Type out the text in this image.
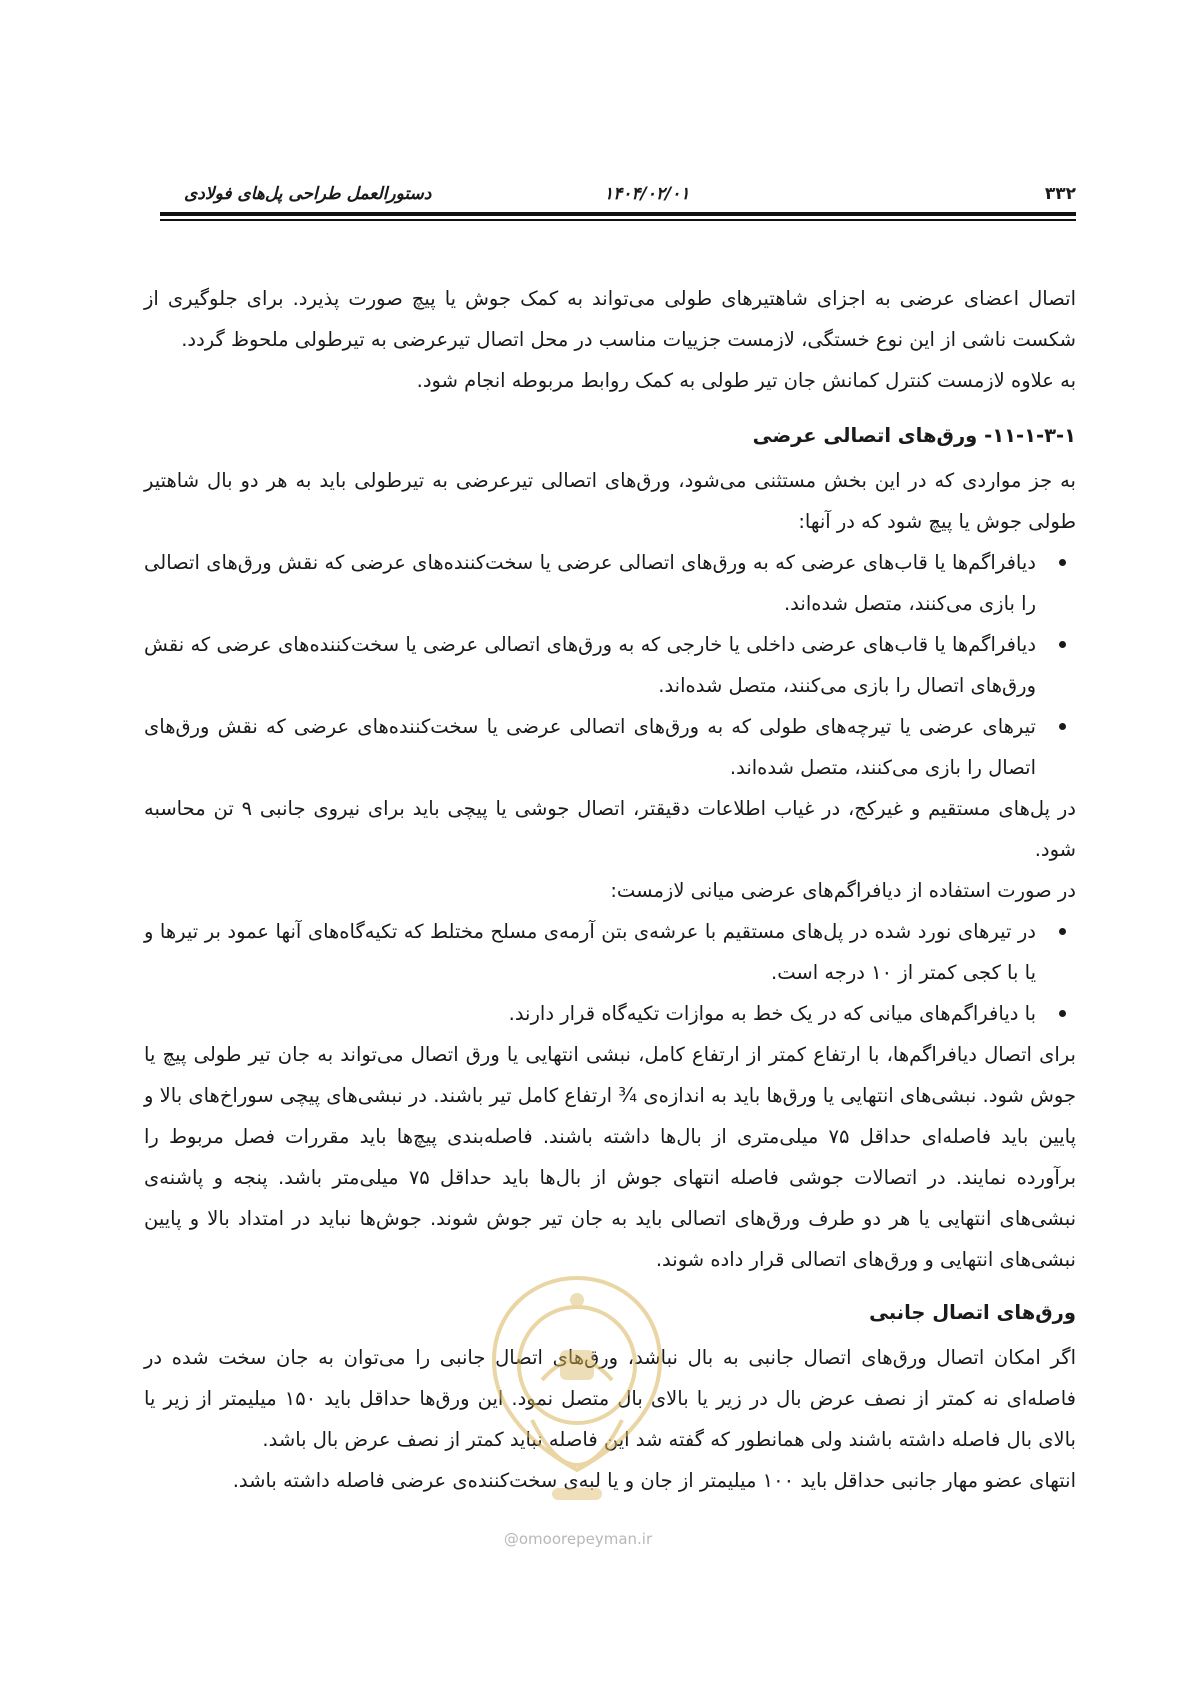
۳۳۲
۱۴۰۴/۰۲/۰۱
دستورالعمل طراحی پل‌های فولادی

اتصال اعضای عرضی به اجزای شاهتیرهای طولی می‌تواند به کمک جوش یا پیچ صورت پذیرد. برای جلوگیری از شکست ناشی از این نوع خستگی، لازمست جزییات مناسب در محل اتصال تیرعرضی به تیرطولی ملحوظ گردد.

به علاوه لازمست کنترل کمانش جان تیر طولی به کمک روابط مربوطه انجام شود.

۱۱-۱-۳-۱- ورق‌های اتصالی عرضی

به جز مواردی که در این بخش مستثنی می‌شود، ورق‌های اتصالی تیرعرضی به تیرطولی باید به هر دو بال شاهتیر طولی جوش یا پیچ شود که در آنها:

دیافراگم‌ها یا قاب‌های عرضی که به ورق‌های اتصالی عرضی یا سخت‌کننده‌های عرضی که نقش ورق‌های اتصالی را بازی می‌کنند، متصل شده‌اند.
دیافراگم‌ها یا قاب‌های عرضی داخلی یا خارجی که به ورق‌های اتصالی عرضی یا سخت‌کننده‌های عرضی که نقش ورق‌های اتصال را بازی می‌کنند، متصل شده‌اند.
تیرهای عرضی یا تیرچه‌های طولی که به ورق‌های اتصالی عرضی یا سخت‌کننده‌های عرضی که نقش ورق‌های اتصال را بازی می‌کنند، متصل شده‌اند.

در پل‌های مستقیم و غیرکج، در غیاب اطلاعات دقیقتر، اتصال جوشی یا پیچی باید برای نیروی جانبی ۹ تن محاسبه شود.

در صورت استفاده از دیافراگم‌های عرضی میانی لازمست:

در تیرهای نورد شده در پل‌های مستقیم با عرشه‌ی بتن آرمه‌ی مسلح مختلط که تکیه‌گاه‌های آنها عمود بر تیرها و یا با کجی کمتر از ۱۰ درجه است.
با دیافراگم‌های میانی که در یک خط به موازات تکیه‌گاه قرار دارند.

برای اتصال دیافراگم‌ها، با ارتفاع کمتر از ارتفاع کامل، نبشی انتهایی یا ورق اتصال می‌تواند به جان تیر طولی پیچ یا جوش شود. نبشی‌های انتهایی یا ورق‌ها باید به اندازه‌ی ¾ ارتفاع کامل تیر باشند. در نبشی‌های پیچی سوراخ‌های بالا و پایین باید فاصله‌ای حداقل ۷۵ میلی‌متری از بال‌ها داشته باشند. فاصله‌بندی پیچ‌ها باید مقررات فصل مربوط را برآورده نمایند. در اتصالات جوشی فاصله انتهای جوش از بال‌ها باید حداقل ۷۵ میلی‌متر باشد. پنجه و پاشنه‌ی نبشی‌های انتهایی یا هر دو طرف ورق‌های اتصالی باید به جان تیر جوش شوند. جوش‌ها نباید در امتداد بالا و پایین نبشی‌های انتهایی و ورق‌های اتصالی قرار داده شوند.

ورق‌های اتصال جانبی

اگر امکان اتصال ورق‌های اتصال جانبی به بال نباشد، ورق‌های اتصال جانبی را می‌توان به جان سخت شده در فاصله‌ای نه کمتر از نصف عرض بال در زیر یا بالای بال متصل نمود. این ورق‌ها حداقل باید ۱۵۰ میلیمتر از زیر یا بالای بال فاصله داشته باشند ولی همانطور که گفته شد این فاصله نباید کمتر از نصف عرض بال باشد.

انتهای عضو مهار جانبی حداقل باید ۱۰۰ میلیمتر از جان و یا لبه‌ی سخت‌کننده‌ی عرضی فاصله داشته باشد.

@omoorepeyman.ir
